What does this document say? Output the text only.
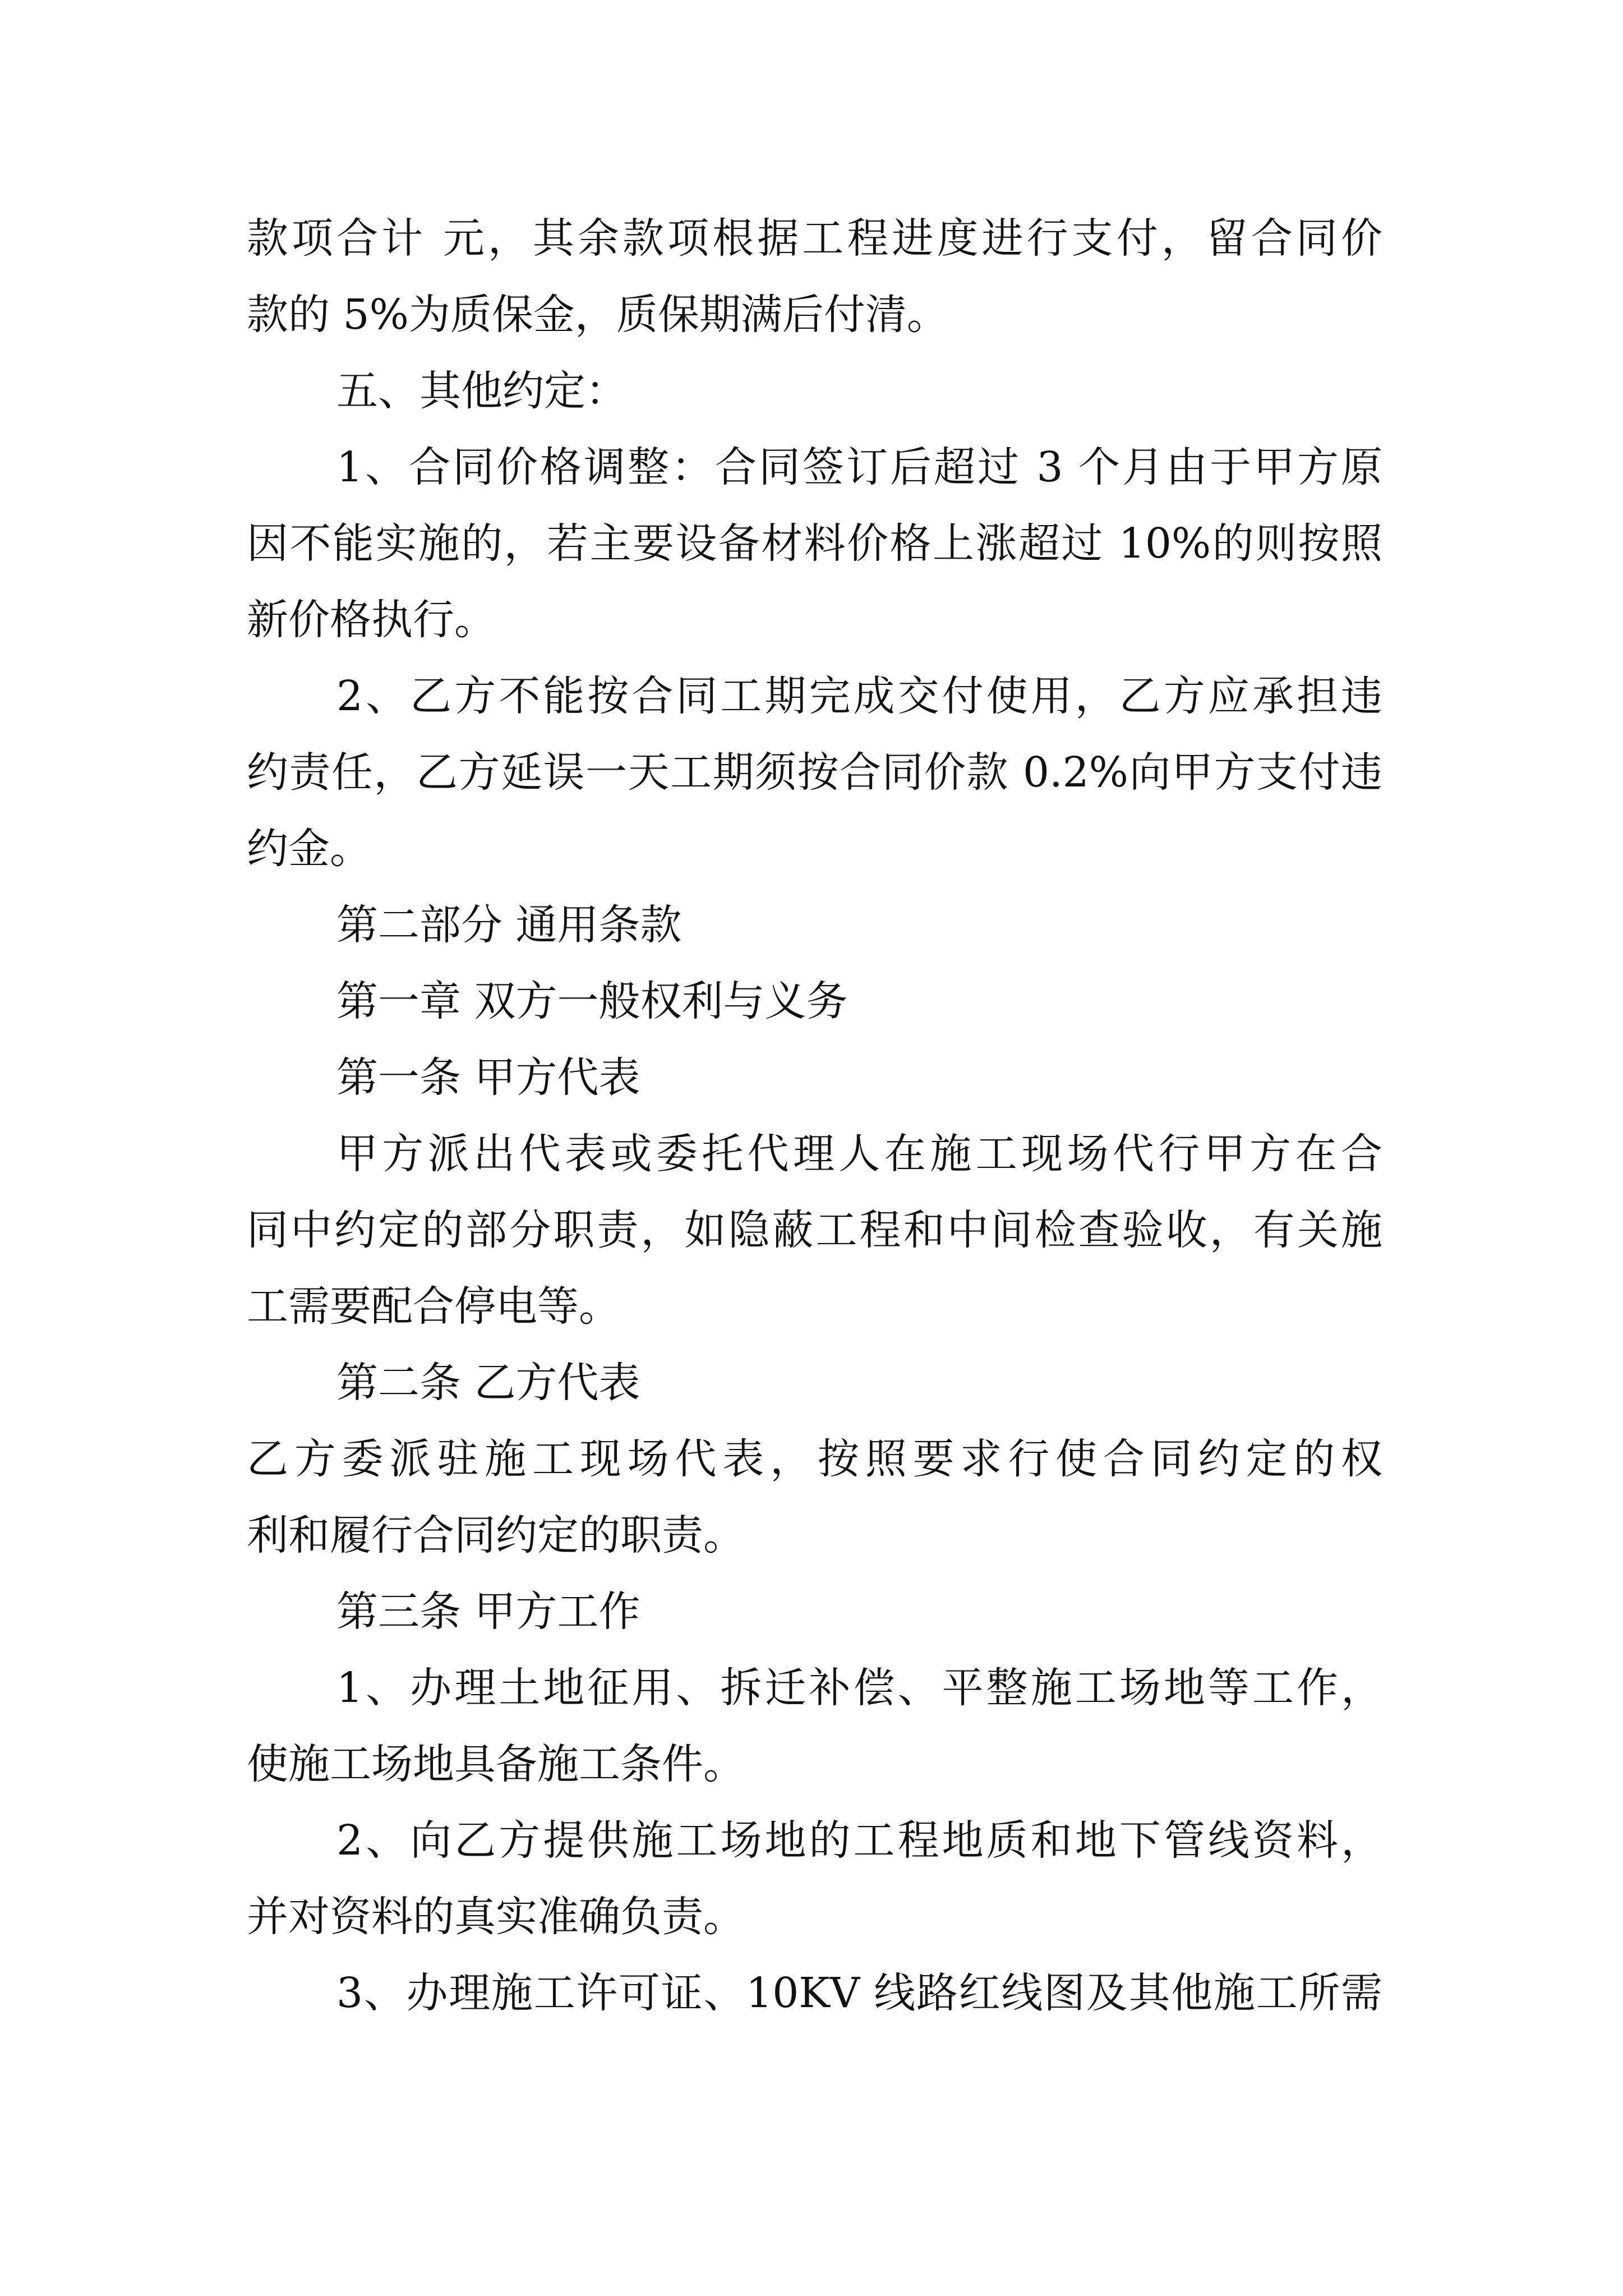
款项合计 元，其余款项根据工程进度进行支付，留合同价
款的 5%为质保金，质保期满后付清。
五、其他约定：
1、合同价格调整：合同签订后超过 3 个月由于甲方原
因不能实施的，若主要设备材料价格上涨超过 10%的则按照
新价格执行。
2、乙方不能按合同工期完成交付使用，乙方应承担违
约责任，乙方延误一天工期须按合同价款 0.2%向甲方支付违
约金。
第二部分 通用条款
第一章 双方一般权利与义务
第一条 甲方代表
甲方派出代表或委托代理人在施工现场代行甲方在合
同中约定的部分职责，如隐蔽工程和中间检查验收，有关施
工需要配合停电等。
第二条 乙方代表
乙方委派驻施工现场代表，按照要求行使合同约定的权
利和履行合同约定的职责。
第三条 甲方工作
1、办理土地征用、拆迁补偿、平整施工场地等工作，
使施工场地具备施工条件。
2、向乙方提供施工场地的工程地质和地下管线资料，
并对资料的真实准确负责。
3、办理施工许可证、10KV 线路红线图及其他施工所需
